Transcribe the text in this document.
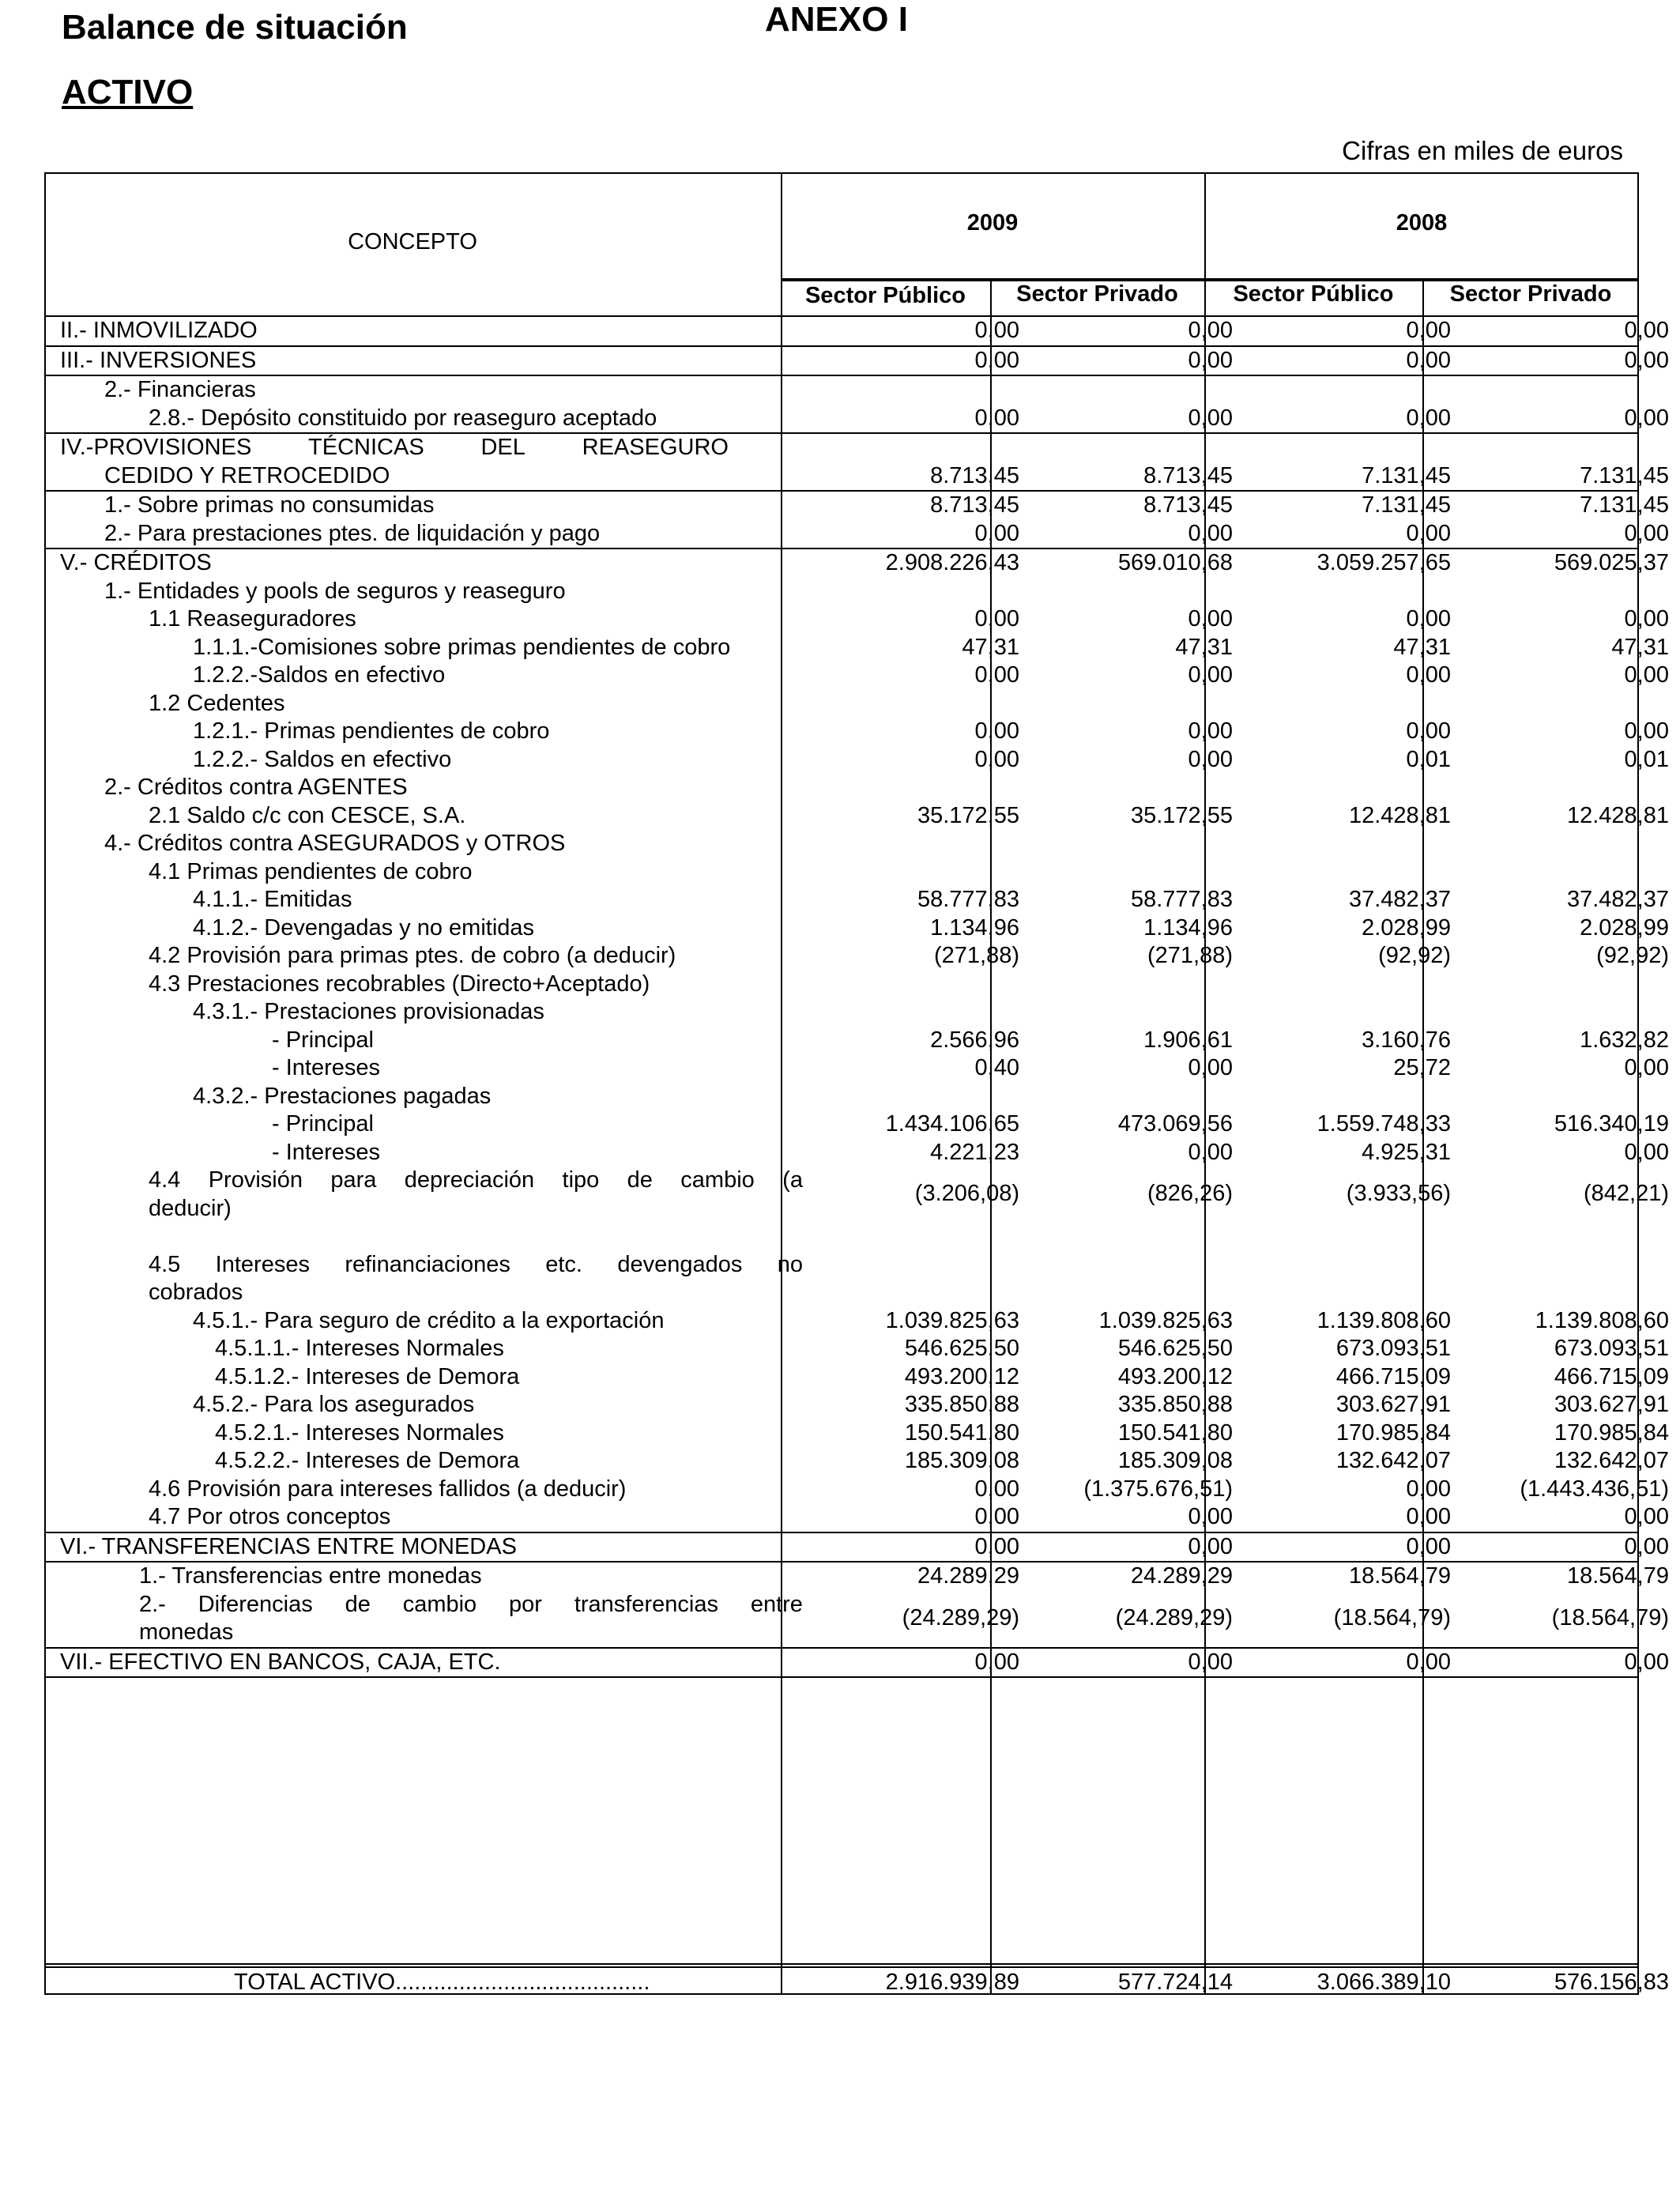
Balance de situación	ANEXO I
ACTIVO
Cifras en miles de euros
CONCEPTO
2009	2008
Sector Público	Sector Privado	Sector Público	Sector Privado
II.- INMOVILIZADO	0,00	0,00	0,00	0,00
III.- INVERSIONES	0,00	0,00	0,00	0,00
2.- Financieras
2.8.- Depósito constituido por reaseguro aceptado	0,00	0,00	0,00	0,00
IV.-PROVISIONES TÉCNICAS DEL REASEGURO
CEDIDO Y RETROCEDIDO	8.713,45	8.713,45	7.131,45	7.131,45
1.- Sobre primas no consumidas	8.713,45	8.713,45	7.131,45	7.131,45
2.- Para prestaciones ptes. de liquidación y pago	0,00	0,00	0,00	0,00
V.- CRÉDITOS	2.908.226,43	569.010,68	3.059.257,65	569.025,37
1.- Entidades y pools de seguros y reaseguro
1.1 Reaseguradores	0,00	0,00	0,00	0,00
1.1.1.-Comisiones sobre primas pendientes de cobro	47,31	47,31	47,31	47,31
1.2.2.-Saldos en efectivo	0,00	0,00	0,00	0,00
1.2 Cedentes
1.2.1.- Primas pendientes de cobro	0,00	0,00	0,00	0,00
1.2.2.- Saldos en efectivo	0,00	0,00	0,01	0,01
2.- Créditos contra AGENTES
2.1 Saldo c/c con CESCE, S.A.	35.172,55	35.172,55	12.428,81	12.428,81
4.- Créditos contra ASEGURADOS y OTROS
4.1 Primas pendientes de cobro
4.1.1.- Emitidas	58.777,83	58.777,83	37.482,37	37.482,37
4.1.2.- Devengadas y no emitidas	1.134,96	1.134,96	2.028,99	2.028,99
4.2 Provisión para primas ptes. de cobro (a deducir)	(271,88)	(271,88)	(92,92)	(92,92)
4.3 Prestaciones recobrables (Directo+Aceptado)
4.3.1.- Prestaciones provisionadas
- Principal	2.566,96	1.906,61	3.160,76	1.632,82
- Intereses	0,40	0,00	25,72	0,00
4.3.2.- Prestaciones pagadas
- Principal	1.434.106,65	473.069,56	1.559.748,33	516.340,19
- Intereses	4.221,23	0,00	4.925,31	0,00
4.4 Provisión para depreciación tipo de cambio (a
deducir)
(3.206,08)	(826,26)	(3.933,56)	(842,21)
4.5 Intereses refinanciaciones etc. devengados no
cobrados
4.5.1.- Para seguro de crédito a la exportación	1.039.825,63	1.039.825,63	1.139.808,60	1.139.808,60
4.5.1.1.- Intereses Normales	546.625,50	546.625,50	673.093,51	673.093,51
4.5.1.2.- Intereses de Demora	493.200,12	493.200,12	466.715,09	466.715,09
4.5.2.- Para los asegurados	335.850,88	335.850,88	303.627,91	303.627,91
4.5.2.1.- Intereses Normales	150.541,80	150.541,80	170.985,84	170.985,84
4.5.2.2.- Intereses de Demora	185.309,08	185.309,08	132.642,07	132.642,07
4.6 Provisión para intereses fallidos (a deducir)	0,00	(1.375.676,51)	0,00	(1.443.436,51)
4.7 Por otros conceptos	0,00	0,00	0,00	0,00
VI.- TRANSFERENCIAS ENTRE MONEDAS	0,00	0,00	0,00	0,00
1.- Transferencias entre monedas	24.289,29	24.289,29	18.564,79	18.564,79
2.- Diferencias de cambio por transferencias entre
monedas
(24.289,29)	(24.289,29)	(18.564,79)	(18.564,79)
VII.- EFECTIVO EN BANCOS, CAJA, ETC.	0,00	0,00	0,00	0,00
TOTAL ACTIVO........................................	2.916.939,89	577.724,14	3.066.389,10	576.156,83
